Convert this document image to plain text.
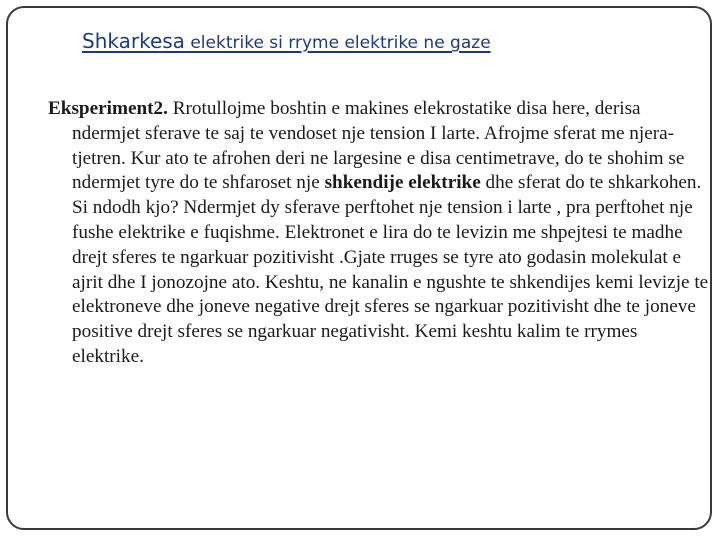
Shkarkesa elektrike si rryme elektrike ne gaze

Eksperiment2. Rrotullojme boshtin e makines elekrostatike disa here, derisa ndermjet sferave te saj te vendoset nje tension I larte. Afrojme sferat me njera-tjetren. Kur ato te afrohen deri ne largesine e disa centimetrave, do te shohim se ndermjet tyre do te shfaroset nje shkendije elektrike dhe sferat do te shkarkohen. Si ndodh kjo? Ndermjet dy sferave perftohet nje tension i larte , pra perftohet nje fushe elektrike e fuqishme. Elektronet e lira do te levizin me shpejtesi te madhe drejt sferes te ngarkuar pozitivisht .Gjate rruges se tyre ato godasin molekulat e ajrit dhe I jonozojne ato. Keshtu, ne kanalin e ngushte te shkendijes kemi levizje te elektroneve dhe joneve negative drejt sferes se ngarkuar pozitivisht dhe te joneve positive drejt sferes se ngarkuar negativisht. Kemi keshtu kalim te rrymes elektrike.
